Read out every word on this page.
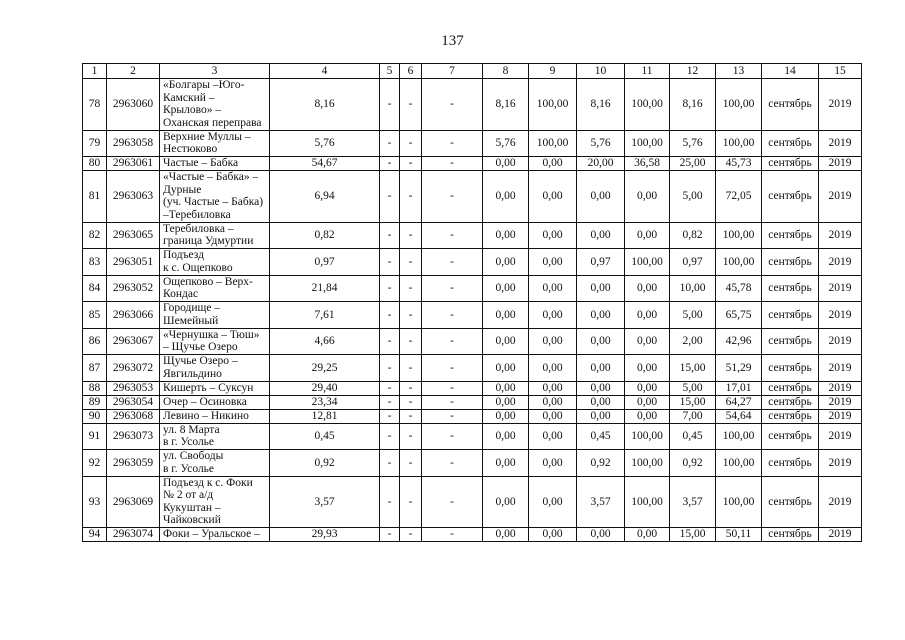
137
1	2	3	4	5	6	7	8	9	10	11	12	13	14	15
78	2963060	«Болгары –Юго-
Камский –
Крылово» –
Оханская переправа	8,16	-	-	-	8,16	100,00	8,16	100,00	8,16	100,00	сентябрь	2019
79	2963058	Верхние Муллы –
Нестюково	5,76	-	-	-	5,76	100,00	5,76	100,00	5,76	100,00	сентябрь	2019
80	2963061	Частые – Бабка	54,67	-	-	-	0,00	0,00	20,00	36,58	25,00	45,73	сентябрь	2019
81	2963063	«Частые – Бабка» –
Дурные
(уч. Частые – Бабка)
–Теребиловка	6,94	-	-	-	0,00	0,00	0,00	0,00	5,00	72,05	сентябрь	2019
82	2963065	Теребиловка –
граница Удмуртии	0,82	-	-	-	0,00	0,00	0,00	0,00	0,82	100,00	сентябрь	2019
83	2963051	Подъезд
к с. Ощепково	0,97	-	-	-	0,00	0,00	0,97	100,00	0,97	100,00	сентябрь	2019
84	2963052	Ощепково – Верх-
Кондас	21,84	-	-	-	0,00	0,00	0,00	0,00	10,00	45,78	сентябрь	2019
85	2963066	Городище –
Шемейный	7,61	-	-	-	0,00	0,00	0,00	0,00	5,00	65,75	сентябрь	2019
86	2963067	«Чернушка – Тюш»
– Щучье Озеро	4,66	-	-	-	0,00	0,00	0,00	0,00	2,00	42,96	сентябрь	2019
87	2963072	Щучье Озеро –
Явгильдино	29,25	-	-	-	0,00	0,00	0,00	0,00	15,00	51,29	сентябрь	2019
88	2963053	Кишерть – Суксун	29,40	-	-	-	0,00	0,00	0,00	0,00	5,00	17,01	сентябрь	2019
89	2963054	Очер – Осиновка	23,34	-	-	-	0,00	0,00	0,00	0,00	15,00	64,27	сентябрь	2019
90	2963068	Левино – Никино	12,81	-	-	-	0,00	0,00	0,00	0,00	7,00	54,64	сентябрь	2019
91	2963073	ул. 8 Марта
в г. Усолье	0,45	-	-	-	0,00	0,00	0,45	100,00	0,45	100,00	сентябрь	2019
92	2963059	ул. Свободы
в г. Усолье	0,92	-	-	-	0,00	0,00	0,92	100,00	0,92	100,00	сентябрь	2019
93	2963069	Подъезд к с. Фоки
№ 2 от а/д
Кукуштан –
Чайковский	3,57	-	-	-	0,00	0,00	3,57	100,00	3,57	100,00	сентябрь	2019
94	2963074	Фоки – Уральское –	29,93	-	-	-	0,00	0,00	0,00	0,00	15,00	50,11	сентябрь	2019
